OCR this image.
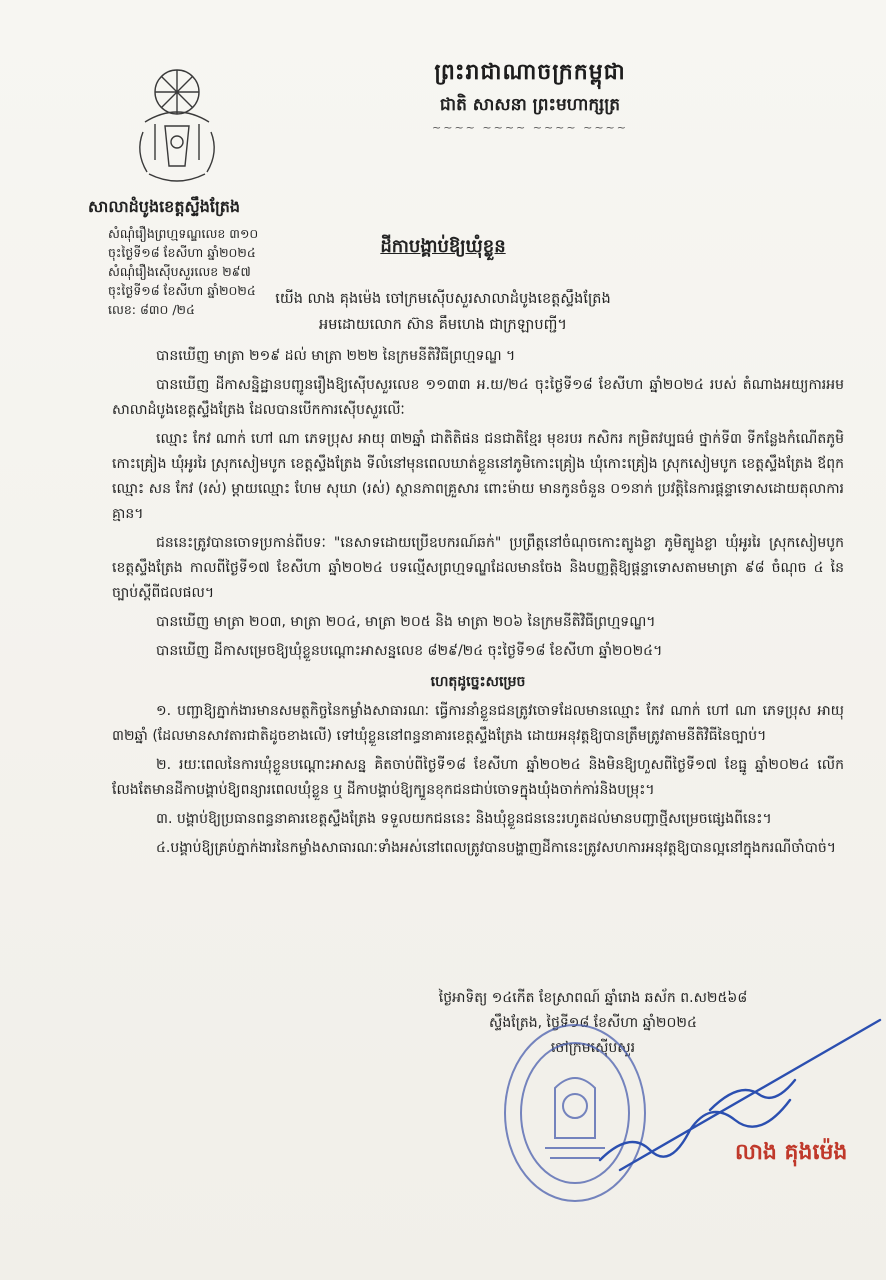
ព្រះរាជាណាចក្រកម្ពុជា
ជាតិ សាសនា ព្រះមហាក្សត្រ
~~~~ ~~~~ ~~~~ ~~~~
សាលាដំបូងខេត្តស្ទឹងត្រែង
សំណុំរឿងព្រហ្មទណ្ឌលេខ ៣១០
ចុះថ្ងៃទី១៨ ខែសីហា ឆ្នាំ២០២៤
សំណុំរឿងស៊ើបសួរលេខ ២៩៧
ចុះថ្ងៃទី១៨ ខែសីហា ឆ្នាំ២០២៤
លេខ: ៨៣០ /២៤
ដីកាបង្គាប់ឱ្យឃុំខ្លួន
យើង លាង គុងម៉េង ចៅក្រមស៊ើបសួរសាលាដំបូងខេត្តស្ទឹងត្រែង
អមដោយលោក ស៊ាន គឹមហេង ជាក្រឡាបញ្ជី។

បានឃើញ មាត្រា ២១៩ ដល់ មាត្រា ២២២ នៃក្រមនីតិវិធីព្រហ្មទណ្ឌ ។

បានឃើញ ដីកាសន្និដ្ឋានបញ្ជូនរឿងឱ្យស៊ើបសួរលេខ ១១៣៣ អ.យ/២៤ ចុះថ្ងៃទី១៨ ខែសីហា ឆ្នាំ២០២៤ របស់ តំណាងអយ្យការអមសាលាដំបូងខេត្តស្ទឹងត្រែង ដែលបានបើកការស៊ើបសួរលើៈ

ឈ្មោះ កែវ ណាក់ ហៅ ណា ភេទប្រុស អាយុ ៣២ឆ្នាំ ជាតិតិផន ជនជាតិខ្មែរ មុខរបរ កសិករ កម្រិតវប្បធម៌ ថ្នាក់ទី៣ ទីកន្លែងកំណើតភូមិកោះគ្រៀង ឃុំអូររៃ ស្រុកសៀមបូក ខេត្តស្ទឹងត្រែង ទីលំនៅមុនពេលឃាត់ខ្លួននៅភូមិកោះគ្រៀង ឃុំកោះគ្រៀង ស្រុកសៀមបូក ខេត្តស្ទឹងត្រែង ឪពុកឈ្មោះ សន កែវ (រស់) ម្តាយឈ្មោះ ហែម សុឃា (រស់) ស្ថានភាពគ្រួសារ ពោះម៉ាយ មានកូនចំនួន ០១នាក់ ប្រវត្តិនៃការផ្តន្ទាទោសដោយតុលាការ គ្មាន។

ជននេះត្រូវបានចោទប្រកាន់ពីបទៈ "នេសាទដោយប្រើឧបករណ៍ឆក់" ប្រព្រឹត្តនៅចំណុចកោះត្បូងខ្លា ភូមិត្បូងខ្លា ឃុំអូររៃ ស្រុកសៀមបូក ខេត្តស្ទឹងត្រែង កាលពីថ្ងៃទី១៧ ខែសីហា ឆ្នាំ២០២៤ បទល្មើសព្រហ្មទណ្ឌដែលមានចែង និងបញ្ញត្តិឱ្យផ្តន្ទាទោសតាមមាត្រា ៩៨ ចំណុច ៤ នៃច្បាប់ស្តីពីជលផល។

បានឃើញ មាត្រា ២០៣, មាត្រា ២០៤, មាត្រា ២០៥ និង មាត្រា ២០៦ នៃក្រមនីតិវិធីព្រហ្មទណ្ឌ។

បានឃើញ ដីកាសម្រេចឱ្យឃុំខ្លួនបណ្តោះអាសន្នលេខ ៨២៩/២៤ ចុះថ្ងៃទី១៨ ខែសីហា ឆ្នាំ២០២៤។

ហេតុដូច្នេះសម្រេច

១. បញ្ជាឱ្យភ្នាក់ងារមានសមត្ថកិច្ចនៃកម្លាំងសាធារណៈ ធ្វើការនាំខ្លួនជនត្រូវចោទដែលមានឈ្មោះ កែវ ណាក់ ហៅ ណា ភេទប្រុស អាយុ ៣២ឆ្នាំ (ដែលមានសាវតារជាតិដូចខាងលើ) ទៅឃុំខ្លួននៅពន្ធនាគារខេត្តស្ទឹងត្រែង ដោយអនុវត្តឱ្យបានត្រឹមត្រូវតាមនីតិវិធីនៃច្បាប់។

២. រយៈពេលនៃការឃុំខ្លួនបណ្តោះអាសន្ន គិតចាប់ពីថ្ងៃទី១៨ ខែសីហា ឆ្នាំ២០២៤ និងមិនឱ្យហួសពីថ្ងៃទី១៧ ខែធ្នូ ឆ្នាំ២០២៤ លើកលែងតែមានដីកាបង្គាប់ឱ្យពន្យារពេលឃុំខ្លួន ឬ ដីកាបង្គាប់ឱ្យក្បួនខុកជនជាប់ចោទក្នុងឃុំងចាក់ការ់និងបម្រុះ។

៣. បង្គាប់ឱ្យប្រធានពន្ធនាគារខេត្តស្ទឹងត្រែង ទទួលយកជននេះ និងឃុំខ្លួនជននេះរហូតដល់មានបញ្ជាថ្មីសម្រេចផ្សេងពីនេះ។

៤.បង្គាប់ឱ្យគ្រប់ភ្នាក់ងារនៃកម្លាំងសាធារណៈទាំងអស់នៅពេលត្រូវបានបង្ហាញដីកានេះត្រូវសហការអនុវត្តឱ្យបានល្អនៅក្នុងករណីចាំបាច់។

ថ្ងៃអាទិត្យ ១៤កើត ខែស្រាពណ៍ ឆ្នាំរោង ឆស័ក ព.ស២៥៦៨
ស្ទឹងត្រែង, ថ្ងៃទី១៨ ខែសីហា ឆ្នាំ២០២៤
ចៅក្រមស៊ើបសួរ
លាង គុងម៉េង
